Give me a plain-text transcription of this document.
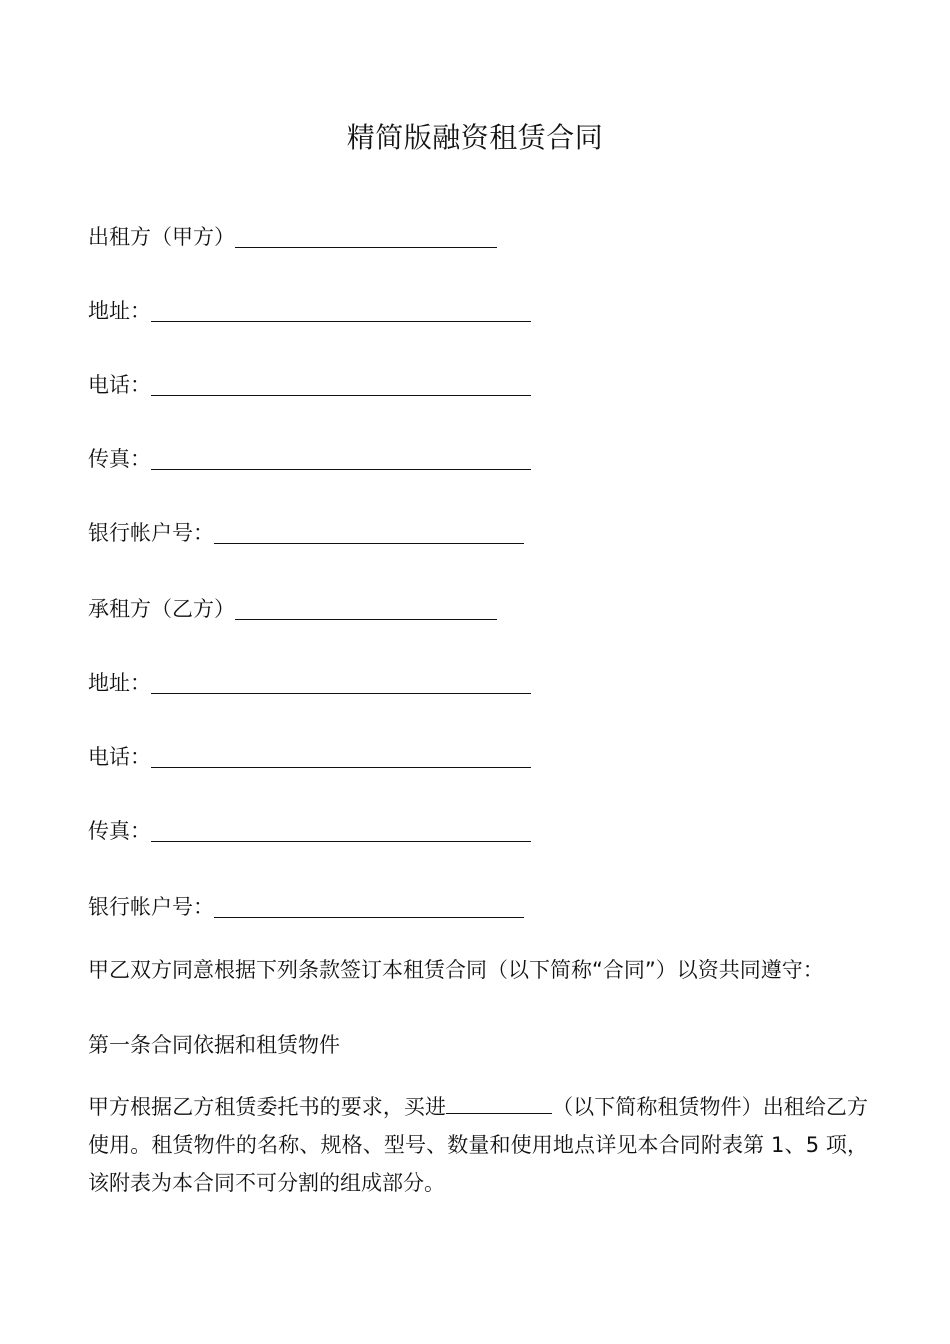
精简版融资租赁合同
出租方（甲方）
地址：
电话：
传真：
银行帐户号：
承租方（乙方）
地址：
电话：
传真：
银行帐户号：
甲乙双方同意根据下列条款签订本租赁合同（以下简称“合同”）以资共同遵守：
第一条合同依据和租赁物件
甲方根据乙方租赁委托书的要求，买进	（以下简称租赁物件）出租给乙方使用。租赁物件的名称、规格、型号、数量和使用地点详见本合同附表第 1、5 项，该附表为本合同不可分割的组成部分。
